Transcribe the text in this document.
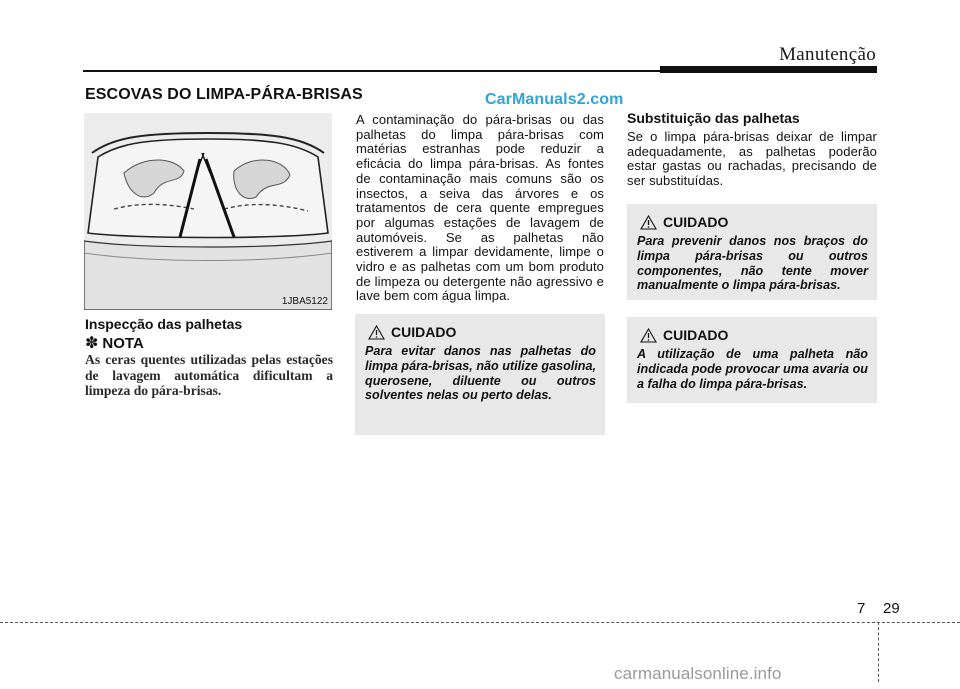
Manutenção
ESCOVAS DO LIMPA-PÁRA-BRISAS	CarManuals2.com
1JBA5122
Inspecção das palhetas
✽ NOTA
As ceras quentes utilizadas pelas estações de lavagem automática dificultam a limpeza do pára-brisas.
A contaminação do pára-brisas ou das palhetas do limpa pára-brisas com matérias estranhas pode reduzir a eficácia do limpa pára-brisas. As fontes de contaminação mais comuns são os insectos, a seiva das árvores e os tratamentos de cera quente empregues por algumas estações de lavagem de automóveis. Se as palhetas não estiverem a limpar devidamente, limpe o vidro e as palhetas com um bom produto de limpeza ou detergente não agressivo e lave bem com água limpa.
CUIDADO
Para evitar danos nas palhetas do limpa pára-brisas, não utilize gasolina, querosene, diluente ou outros solventes nelas ou perto delas.
Substituição das palhetas
Se o limpa pára-brisas deixar de limpar adequadamente, as palhetas poderão estar gastas ou rachadas, precisando de ser substituídas.
CUIDADO
Para prevenir danos nos braços do limpa pára-brisas ou outros componentes, não tente mover manualmente o limpa pára-brisas.
CUIDADO
A utilização de uma palheta não indicada pode provocar uma avaria ou a falha do limpa pára-brisas.
7 29
carmanualsonline.info
